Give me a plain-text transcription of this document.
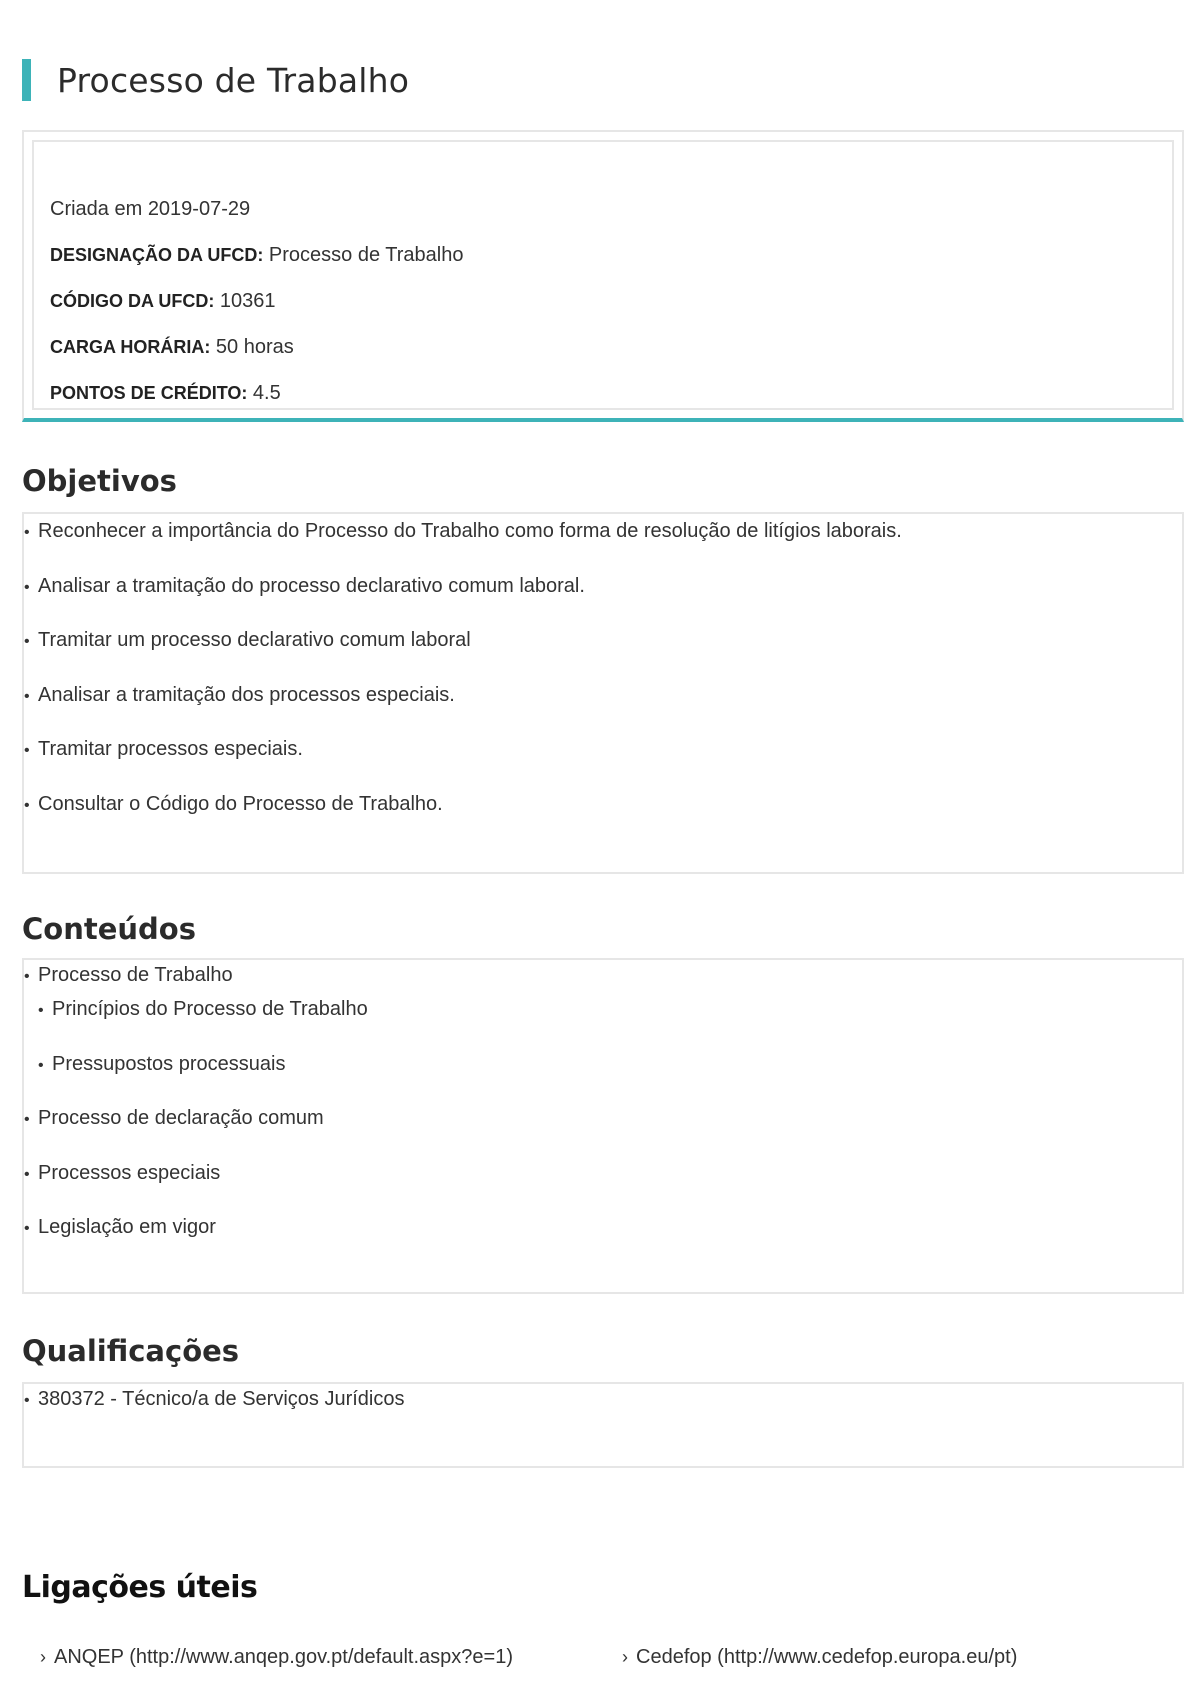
Processo de Trabalho
Criada em 2019-07-29
DESIGNAÇÃO DA UFCD: Processo de Trabalho
CÓDIGO DA UFCD: 10361
CARGA HORÁRIA: 50 horas
PONTOS DE CRÉDITO: 4.5
Objetivos
• Reconhecer a importância do Processo do Trabalho como forma de resolução de litígios laborais.
• Analisar a tramitação do processo declarativo comum laboral.
• Tramitar um processo declarativo comum laboral
• Analisar a tramitação dos processos especiais.
• Tramitar processos especiais.
• Consultar o Código do Processo de Trabalho.
Conteúdos
• Processo de Trabalho
• Princípios do Processo de Trabalho
• Pressupostos processuais
• Processo de declaração comum
• Processos especiais
• Legislação em vigor
Qualificações
• 380372 - Técnico/a de Serviços Jurídicos
Ligações úteis
› ANQEP (http://www.anqep.gov.pt/default.aspx?e=1)	› Cedefop (http://www.cedefop.europa.eu/pt)
